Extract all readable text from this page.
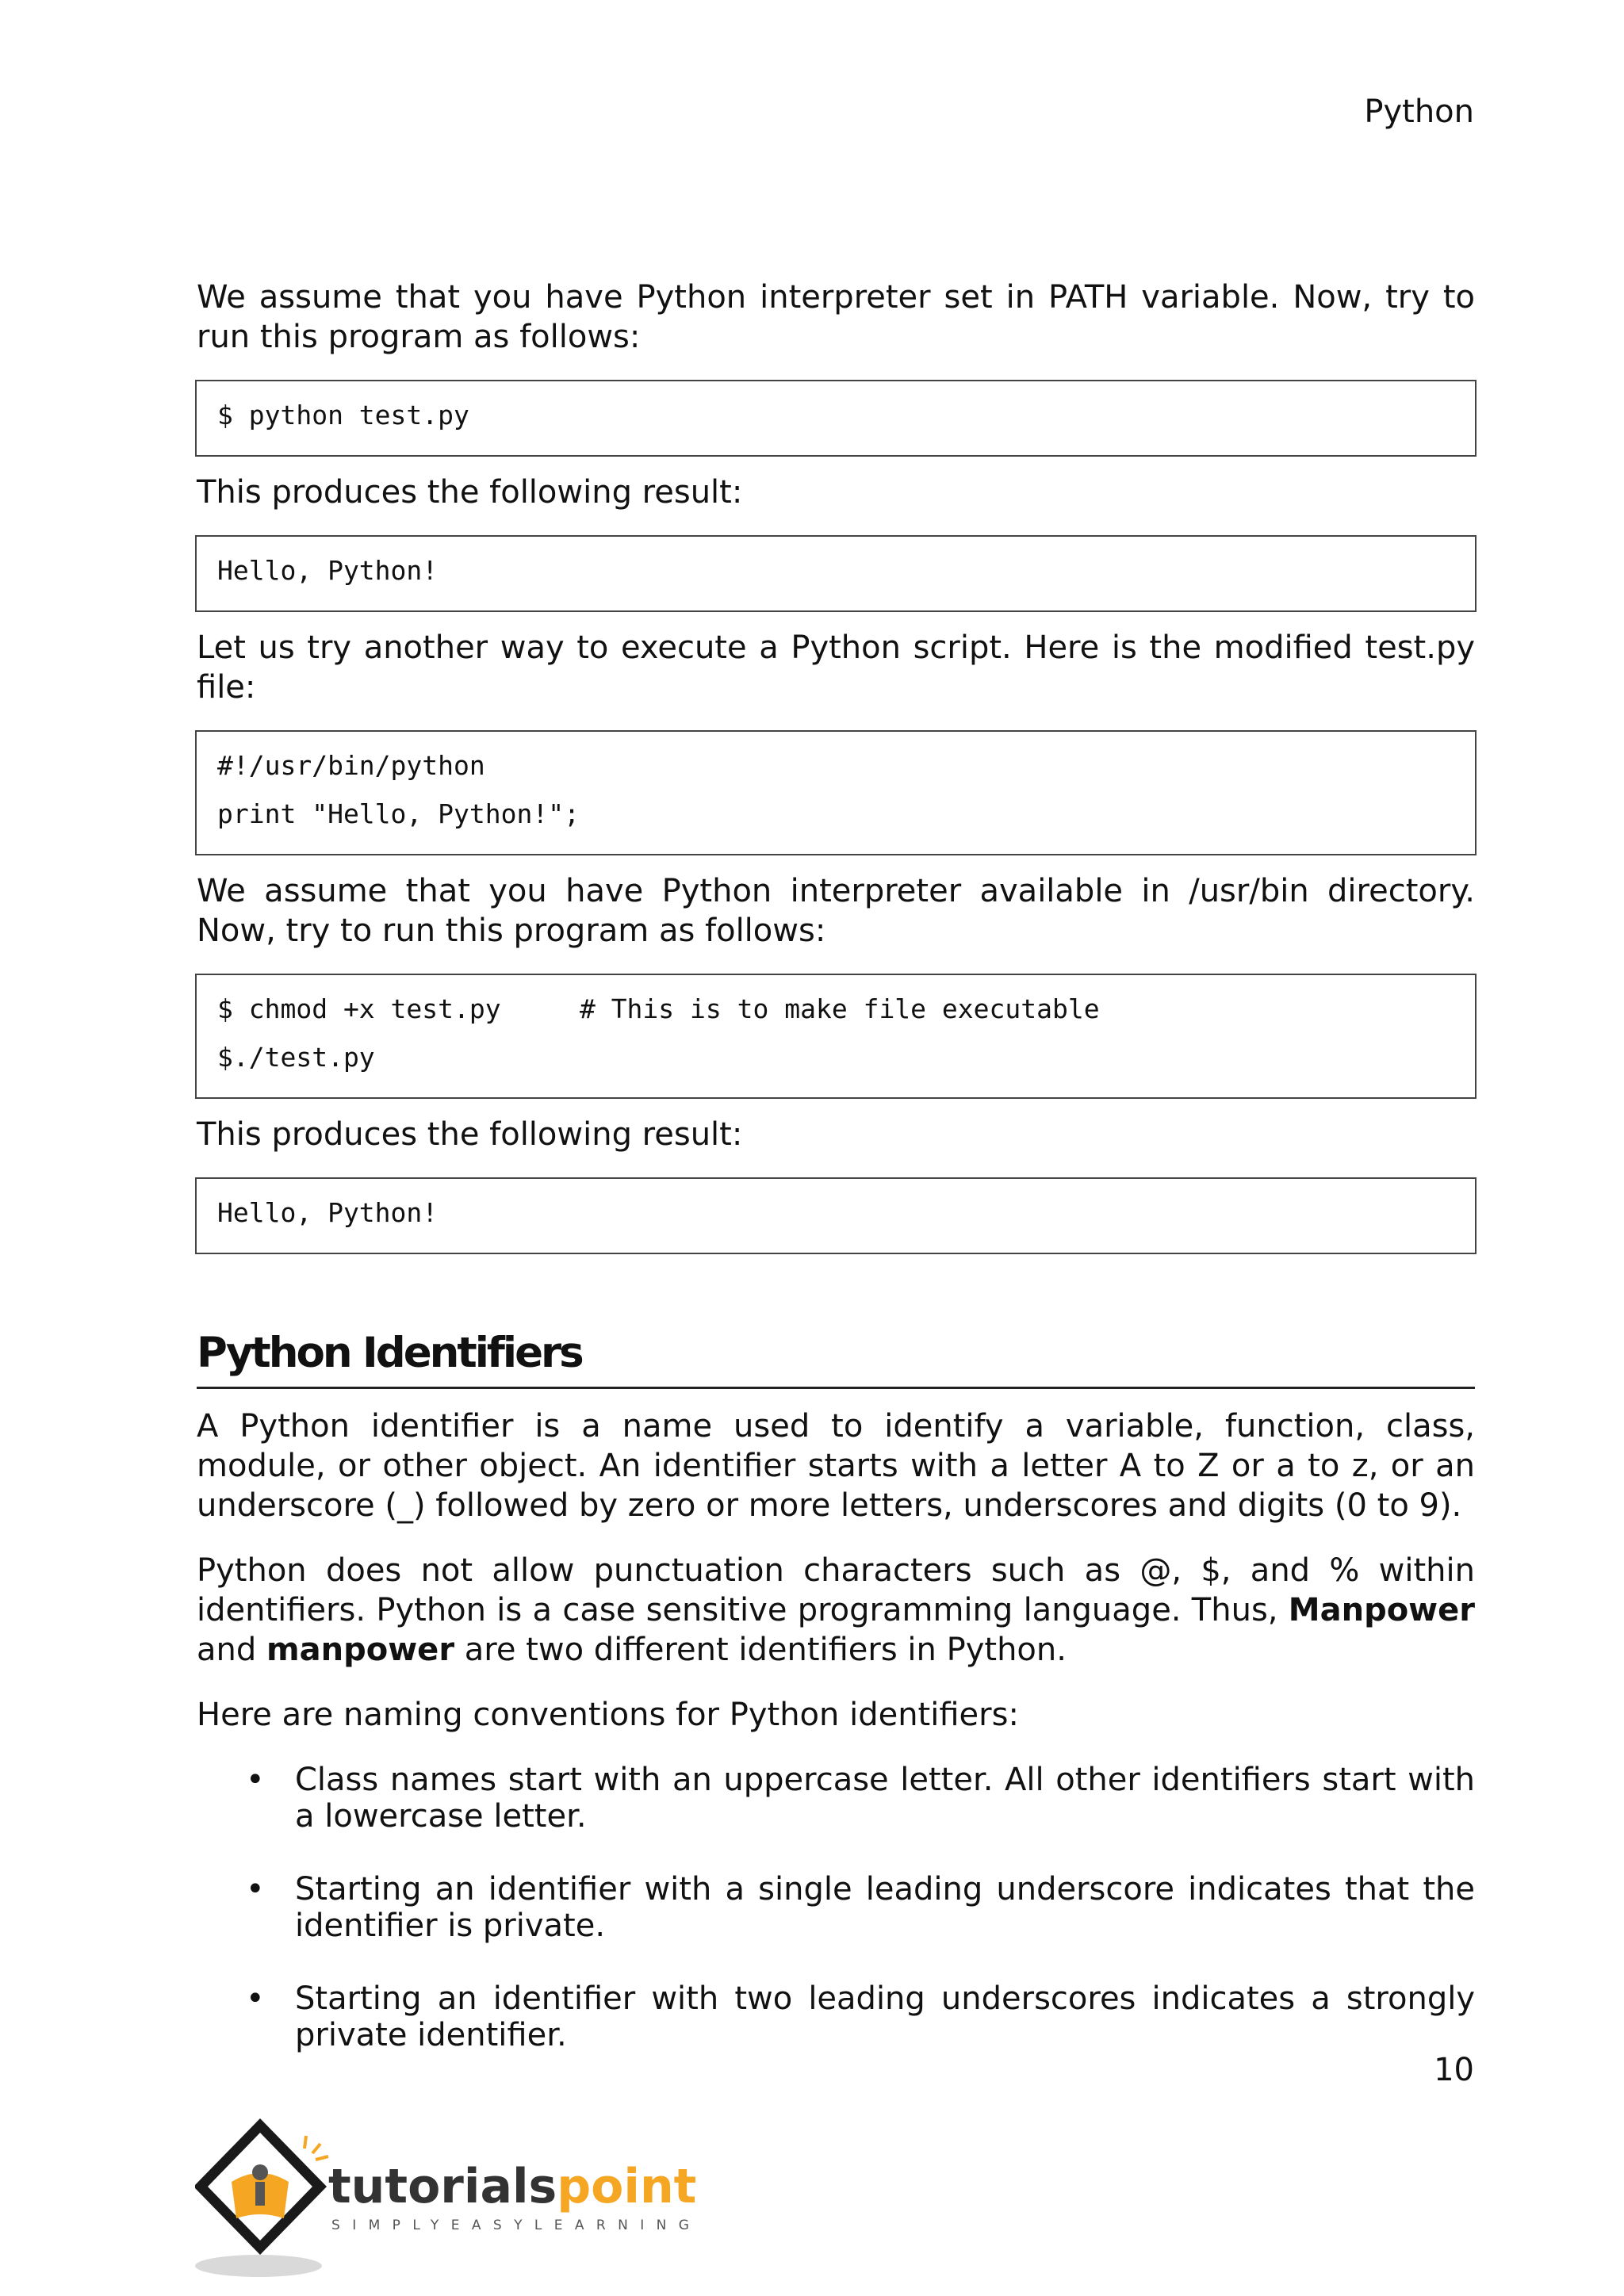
Python

We assume that you have Python interpreter set in PATH variable. Now, try to run this program as follows:

$ python test.py

This produces the following result:

Hello, Python!

Let us try another way to execute a Python script. Here is the modified test.py file:

#!/usr/bin/python
print "Hello, Python!";

We assume that you have Python interpreter available in /usr/bin directory. Now, try to run this program as follows:

$ chmod +x test.py     # This is to make file executable
$./test.py

This produces the following result:

Hello, Python!
Python Identifiers

A Python identifier is a name used to identify a variable, function, class, module, or other object. An identifier starts with a letter A to Z or a to z, or an underscore (_) followed by zero or more letters, underscores and digits (0 to 9).

Python does not allow punctuation characters such as @, $, and % within identifiers. Python is a case sensitive programming language. Thus, Manpower and manpower are two different identifiers in Python.

Here are naming conventions for Python identifiers:

• Class names start with an uppercase letter. All other identifiers start with a lowercase letter.
• Starting an identifier with a single leading underscore indicates that the identifier is private.
• Starting an identifier with two leading underscores indicates a strongly private identifier.
10
tutorialspoint
SIMPLYEASYLEARNING
